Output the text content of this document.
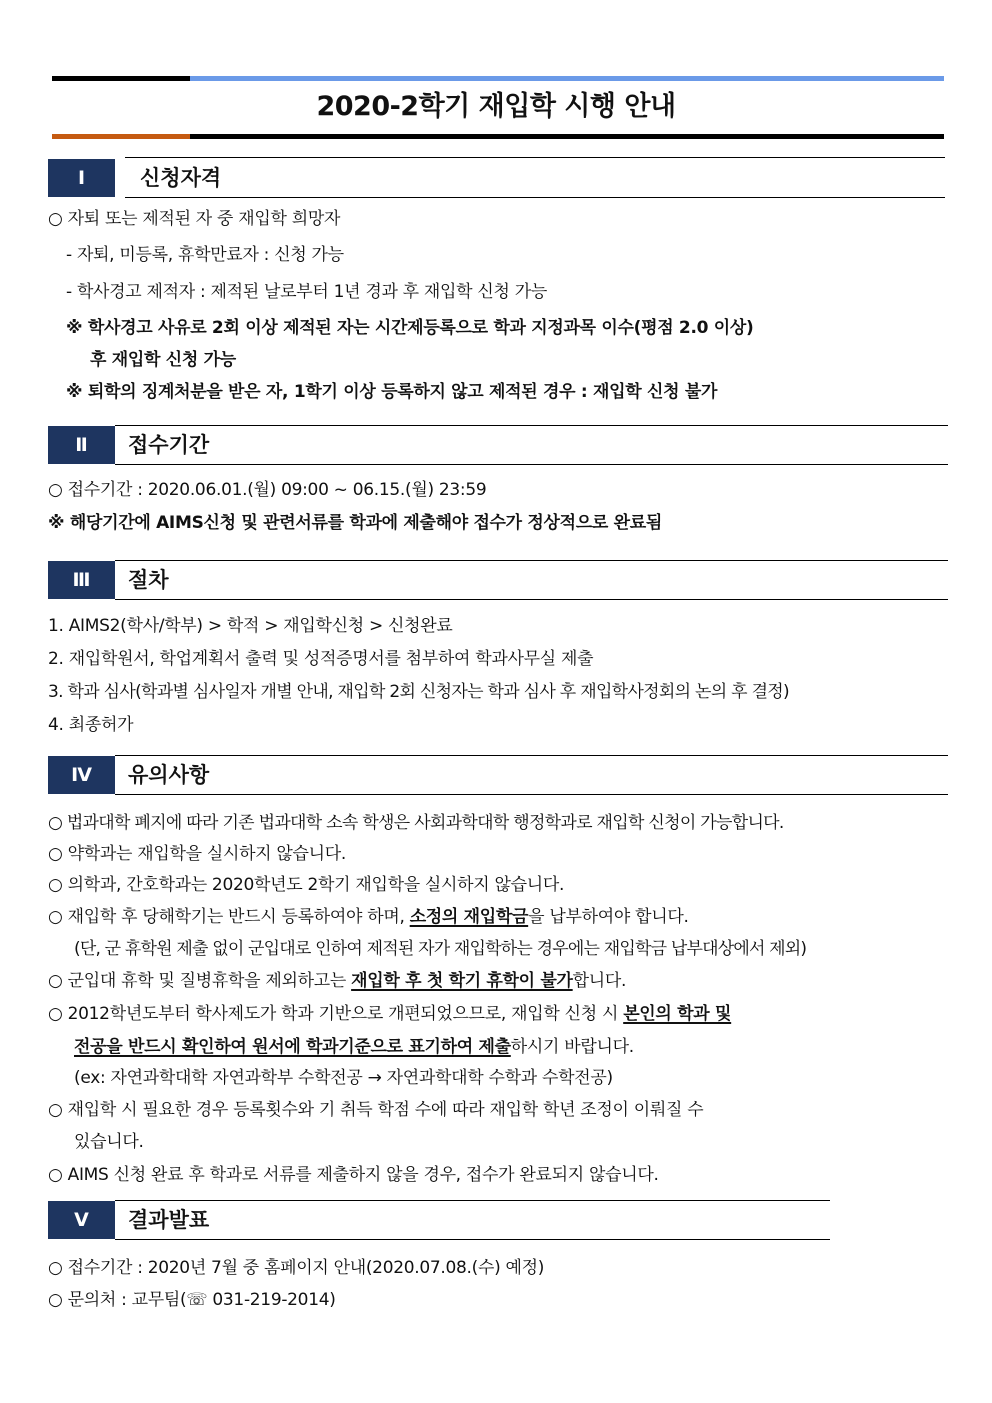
2020-2학기 재입학 시행 안내
Ⅰ	신청자격
○ 자퇴 또는 제적된 자 중 재입학 희망자
- 자퇴, 미등록, 휴학만료자 : 신청 가능
- 학사경고 제적자 : 제적된 날로부터 1년 경과 후 재입학 신청 가능
※ 학사경고 사유로 2회 이상 제적된 자는 시간제등록으로 학과 지정과목 이수(평점 2.0 이상)
후 재입학 신청 가능
※ 퇴학의 징계처분을 받은 자, 1학기 이상 등록하지 않고 제적된 경우 : 재입학 신청 불가
Ⅱ	접수기간
○ 접수기간 : 2020.06.01.(월) 09:00 ~ 06.15.(월) 23:59
※ 해당기간에 AIMS신청 및 관련서류를 학과에 제출해야 접수가 정상적으로 완료됨
Ⅲ	절차
1. AIMS2(학사/학부) > 학적 > 재입학신청 > 신청완료
2. 재입학원서, 학업계획서 출력 및 성적증명서를 첨부하여 학과사무실 제출
3. 학과 심사(학과별 심사일자 개별 안내, 재입학 2회 신청자는 학과 심사 후 재입학사정회의 논의 후 결정)
4. 최종허가
Ⅳ	유의사항
○ 법과대학 폐지에 따라 기존 법과대학 소속 학생은 사회과학대학 행정학과로 재입학 신청이 가능합니다.
○ 약학과는 재입학을 실시하지 않습니다.
○ 의학과, 간호학과는 2020학년도 2학기 재입학을 실시하지 않습니다.
○ 재입학 후 당해학기는 반드시 등록하여야 하며, 소정의 재입학금을 납부하여야 합니다.
(단, 군 휴학원 제출 없이 군입대로 인하여 제적된 자가 재입학하는 경우에는 재입학금 납부대상에서 제외)
○ 군입대 휴학 및 질병휴학을 제외하고는 재입학 후 첫 학기 휴학이 불가합니다.
○ 2012학년도부터 학사제도가 학과 기반으로 개편되었으므로, 재입학 신청 시 본인의 학과 및
전공을 반드시 확인하여 원서에 학과기준으로 표기하여 제출하시기 바랍니다.
(ex: 자연과학대학 자연과학부 수학전공 → 자연과학대학 수학과 수학전공)
○ 재입학 시 필요한 경우 등록횟수와 기 취득 학점 수에 따라 재입학 학년 조정이 이뤄질 수
있습니다.
○ AIMS 신청 완료 후 학과로 서류를 제출하지 않을 경우, 접수가 완료되지 않습니다.
Ⅴ	결과발표
○ 접수기간 : 2020년 7월 중 홈페이지 안내(2020.07.08.(수) 예정)
○ 문의처 : 교무팀(☏ 031-219-2014)
